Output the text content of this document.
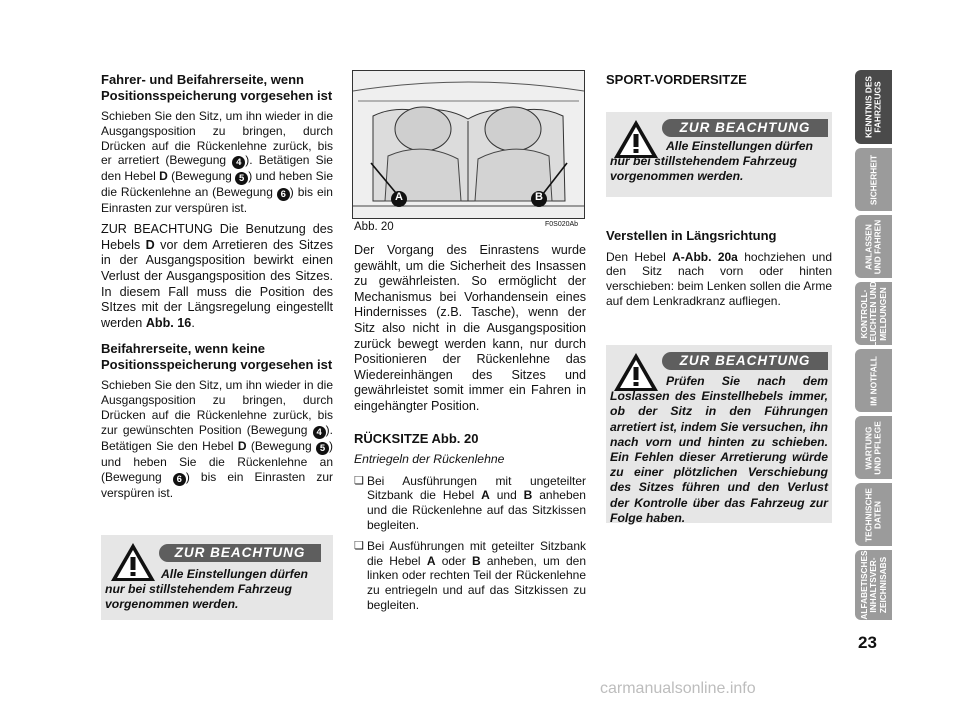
Fahrer- und Beifahrerseite, wenn Positionsspeicherung vorgesehen ist

Schieben Sie den Sitz, um ihn wieder in die Ausgangsposition zu bringen, durch Drücken auf die Rückenlehne zurück, bis er arretiert (Bewegung 4 ). Betätigen Sie den Hebel D (Bewegung 5 ) und heben Sie die Rückenlehne an (Bewegung 6 ) bis ein Einrasten zur verspüren ist.

ZUR BEACHTUNG Die Benutzung des Hebels D vor dem Arretieren des Sitzes in der Ausgangsposition bewirkt einen Verlust der Ausgangsposition des Sitzes. In diesem Fall muss die Position des SItzes mit der Längsregelung eingestellt werden Abb. 16.

Beifahrerseite, wenn keine Positionsspeicherung vorgesehen ist

Schieben Sie den Sitz, um ihn wieder in die Ausgangsposition zu bringen, durch Drücken auf die Rückenlehne zurück, bis zur gewünschten Position (Bewegung 4 ). Betätigen Sie den Hebel D (Bewegung 5 ) und heben Sie die Rückenlehne an (Bewegung 6 ) bis ein Einrasten zur verspüren ist.

ZUR BEACHTUNG
Alle Einstellungen dürfen nur bei stillstehendem Fahrzeug vorgenommen werden.
A	B
Abb. 20	F0S020Ab

Der Vorgang des Einrastens wurde gewählt, um die Sicherheit des Insassen zu gewährleisten. So ermöglicht der Mechanismus bei Vorhandensein eines Hindernisses (z.B. Tasche), wenn der Sitz also nicht in die Ausgangsposition zurück bewegt werden kann, nur durch Positionieren der Rückenlehne das Wiedereinhängen des Sitzes und gewährleistet somit immer ein Fahren in eingehängter Position.

RÜCKSITZE Abb. 20
Entriegeln der Rückenlehne
❏ Bei Ausführungen mit ungeteilter Sitzbank die Hebel A und B anheben und die Rückenlehne auf das Sitzkissen begleiten.
❏ Bei Ausführungen mit geteilter Sitzbank die Hebel A oder B anheben, um den linken oder rechten Teil der Rückenlehne zu entriegeln und auf das Sitzkissen zu begleiten.
SPORT-VORDERSITZE
ZUR BEACHTUNG
Alle Einstellungen dürfen nur bei stillstehendem Fahrzeug vorgenommen werden.
Verstellen in Längsrichtung

Den Hebel A-Abb. 20a hochziehen und den Sitz nach vorn oder hinten verschieben: beim Lenken sollen die Arme auf dem Lenkradkranz aufliegen.

ZUR BEACHTUNG
Prüfen Sie nach dem Loslassen des Einstellhebels immer, ob der Sitz in den Führungen arretiert ist, indem Sie versuchen, ihn nach vorn und hinten zu schieben. Ein Fehlen dieser Arretierung würde zu einer plötzlichen Verschiebung des Sitzes führen und den Verlust der Kontrolle über das Fahrzeug zur Folge haben.
KENNTNIS DES
FAHRZEUGS
SICHERHEIT
ANLASSEN
UND FAHREN
KONTROLL-
LEUCHTEN UND
MELDUNGEN
IM NOTFALL
WARTUNG
UND PFLEGE
TECHNISCHE
DATEN
ALFABETISCHES
INHALTSVER-
ZEICHNISABS
23
carmanualsonline.info
